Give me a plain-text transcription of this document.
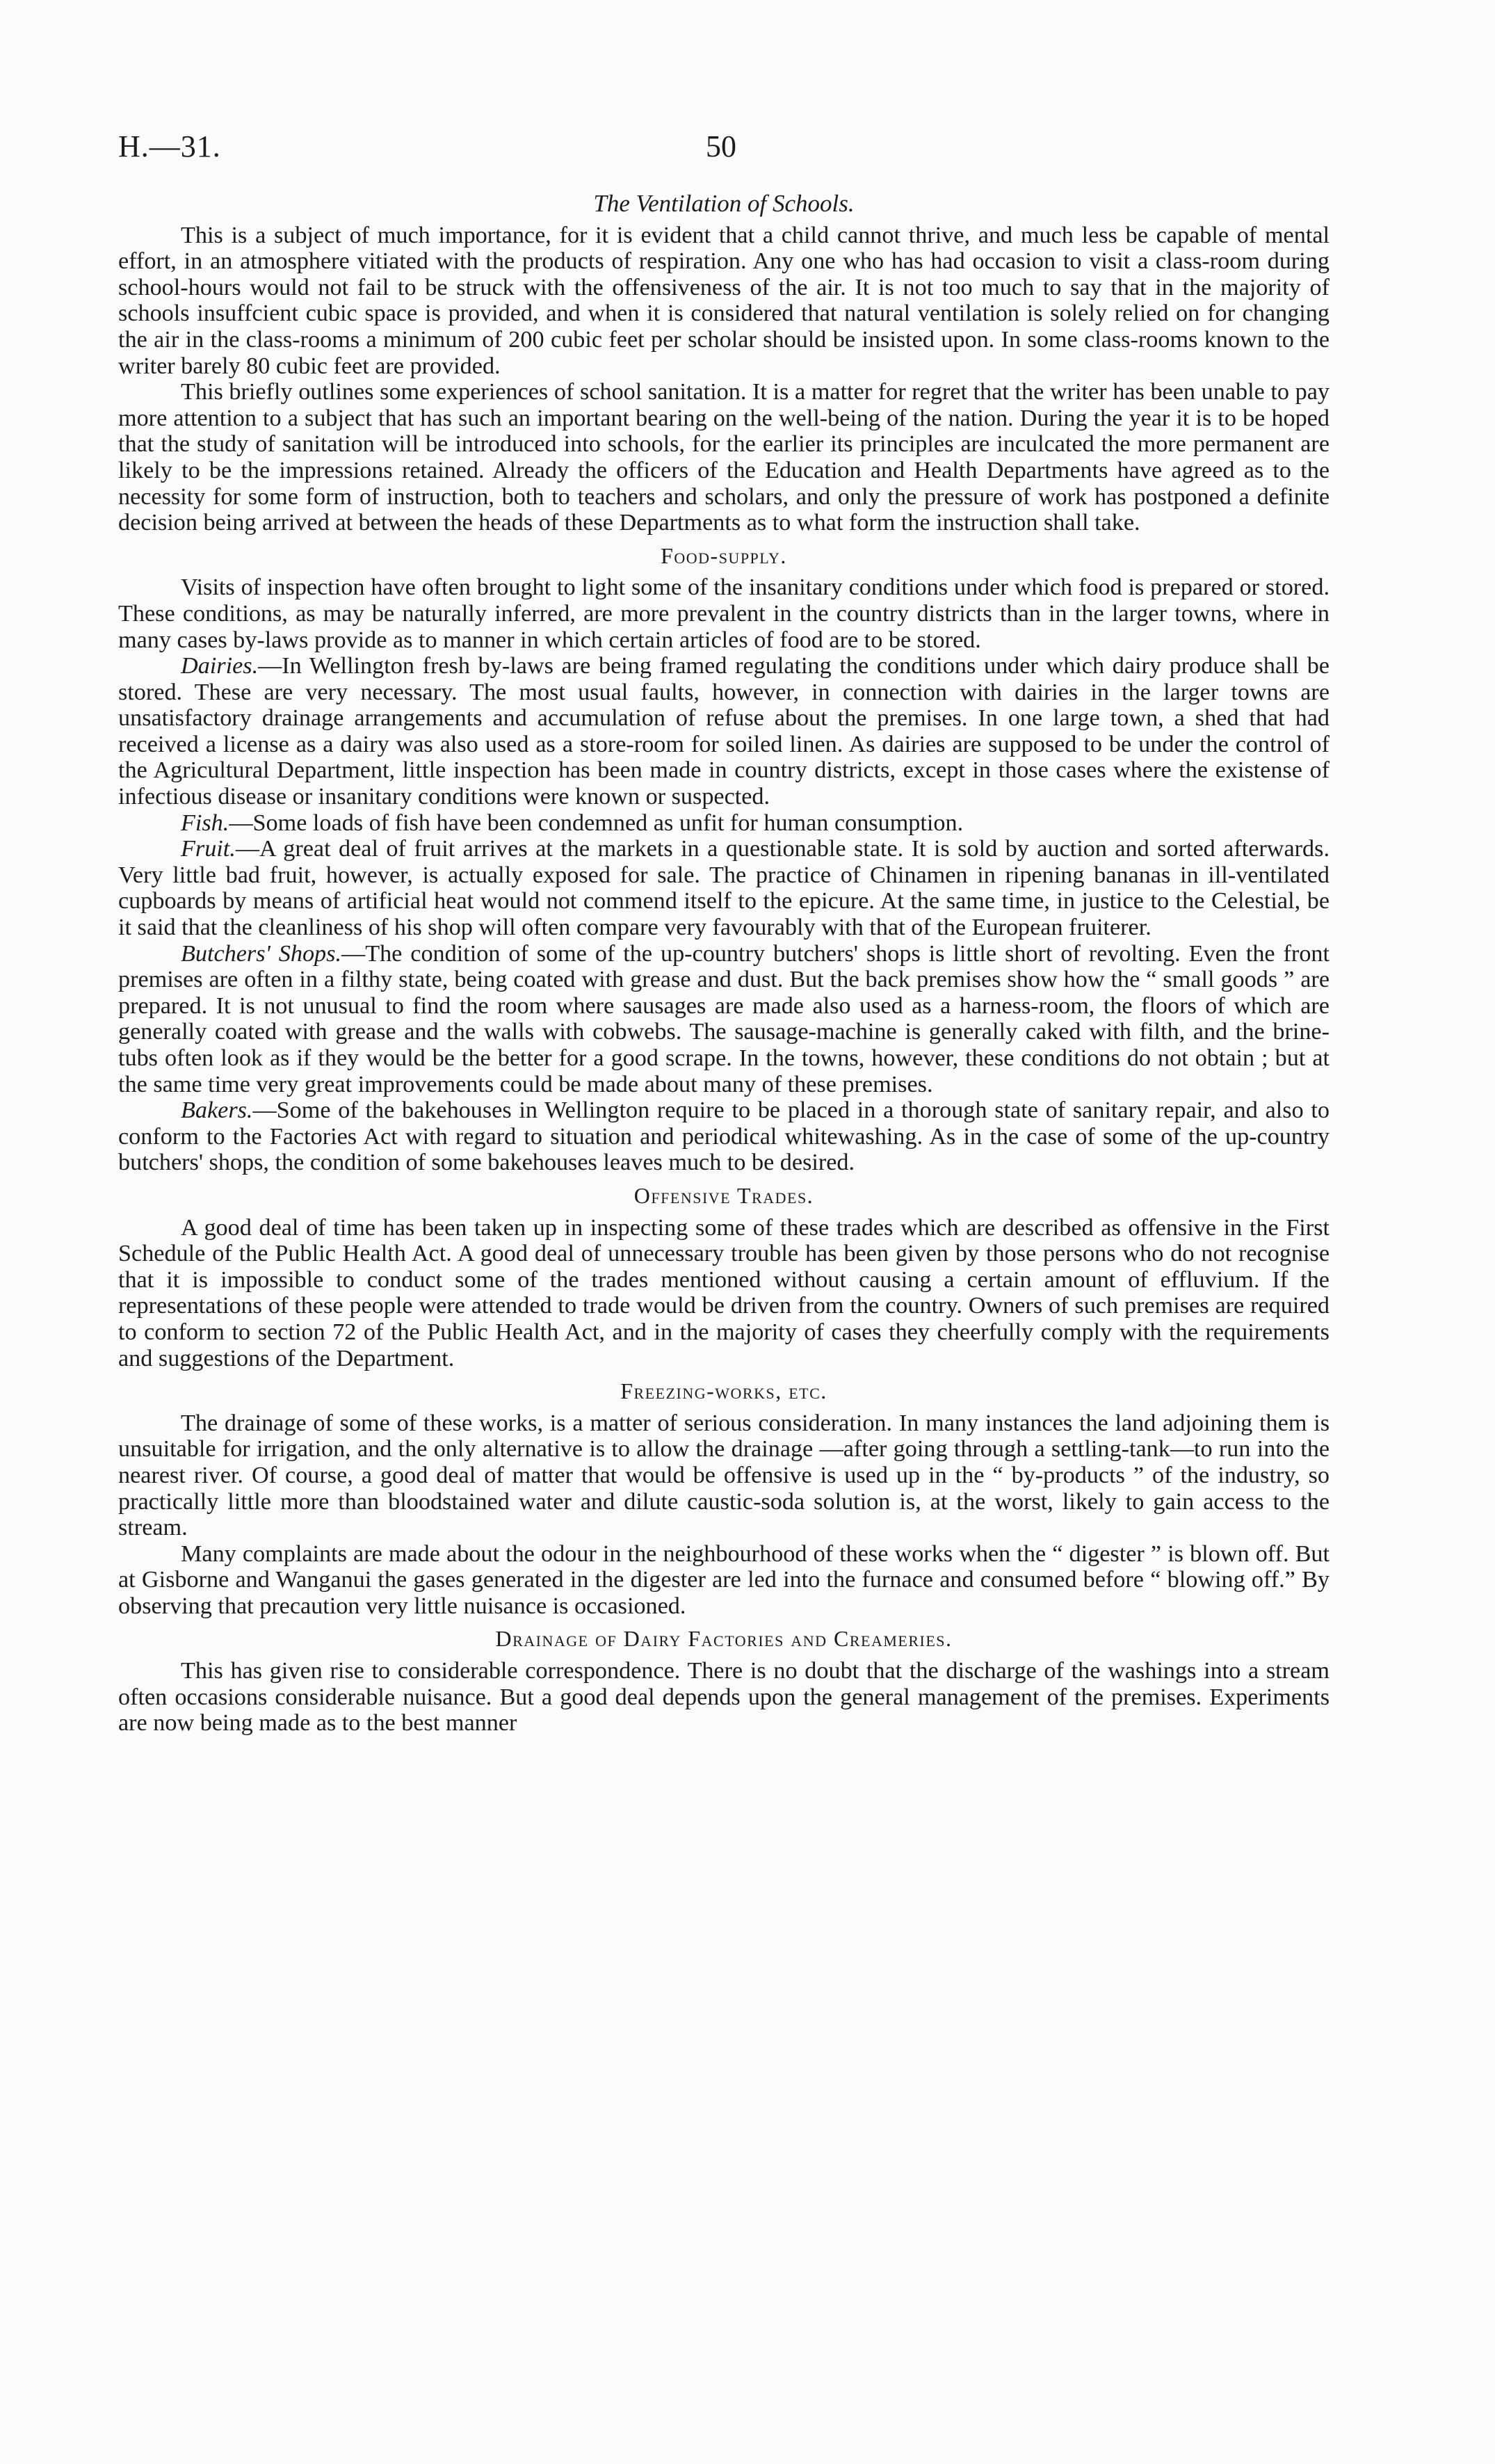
H.—31.	50
The Ventilation of Schools.

This is a subject of much importance, for it is evident that a child cannot thrive, and much less be capable of mental effort, in an atmosphere vitiated with the products of respiration. Any one who has had occasion to visit a class-room during school-hours would not fail to be struck with the offensiveness of the air. It is not too much to say that in the majority of schools insuffcient cubic space is provided, and when it is considered that natural ventilation is solely relied on for changing the air in the class-rooms a minimum of 200 cubic feet per scholar should be insisted upon. In some class-rooms known to the writer barely 80 cubic feet are provided.

This briefly outlines some experiences of school sanitation. It is a matter for regret that the writer has been unable to pay more attention to a subject that has such an important bearing on the well-being of the nation. During the year it is to be hoped that the study of sanitation will be introduced into schools, for the earlier its principles are inculcated the more permanent are likely to be the impressions retained. Already the officers of the Education and Health Departments have agreed as to the necessity for some form of instruction, both to teachers and scholars, and only the pressure of work has postponed a definite decision being arrived at between the heads of these Departments as to what form the instruction shall take.

Food-supply.

Visits of inspection have often brought to light some of the insanitary conditions under which food is prepared or stored. These conditions, as may be naturally inferred, are more prevalent in the country districts than in the larger towns, where in many cases by-laws provide as to manner in which certain articles of food are to be stored.

Dairies.—In Wellington fresh by-laws are being framed regulating the conditions under which dairy produce shall be stored. These are very necessary. The most usual faults, however, in connection with dairies in the larger towns are unsatisfactory drainage arrangements and accumulation of refuse about the premises. In one large town, a shed that had received a license as a dairy was also used as a store-room for soiled linen. As dairies are supposed to be under the control of the Agricultural Department, little inspection has been made in country districts, except in those cases where the existense of infectious disease or insanitary conditions were known or suspected.

Fish.—Some loads of fish have been condemned as unfit for human consumption.

Fruit.—A great deal of fruit arrives at the markets in a questionable state. It is sold by auction and sorted afterwards. Very little bad fruit, however, is actually exposed for sale. The practice of Chinamen in ripening bananas in ill-ventilated cupboards by means of artificial heat would not commend itself to the epicure. At the same time, in justice to the Celestial, be it said that the cleanliness of his shop will often compare very favourably with that of the European fruiterer.

Butchers' Shops.—The condition of some of the up-country butchers' shops is little short of revolting. Even the front premises are often in a filthy state, being coated with grease and dust. But the back premises show how the “ small goods ” are prepared. It is not unusual to find the room where sausages are made also used as a harness-room, the floors of which are generally coated with grease and the walls with cobwebs. The sausage-machine is generally caked with filth, and the brine-tubs often look as if they would be the better for a good scrape. In the towns, however, these conditions do not obtain ; but at the same time very great improvements could be made about many of these premises.

Bakers.—Some of the bakehouses in Wellington require to be placed in a thorough state of sanitary repair, and also to conform to the Factories Act with regard to situation and periodical whitewashing. As in the case of some of the up-country butchers' shops, the condition of some bakehouses leaves much to be desired.

Offensive Trades.

A good deal of time has been taken up in inspecting some of these trades which are described as offensive in the First Schedule of the Public Health Act. A good deal of unnecessary trouble has been given by those persons who do not recognise that it is impossible to conduct some of the trades mentioned without causing a certain amount of effluvium. If the representations of these people were attended to trade would be driven from the country. Owners of such premises are required to conform to section 72 of the Public Health Act, and in the majority of cases they cheerfully comply with the requirements and suggestions of the Department.

Freezing-works, etc.

The drainage of some of these works, is a matter of serious consideration. In many instances the land adjoining them is unsuitable for irrigation, and the only alternative is to allow the drainage —after going through a settling-tank—to run into the nearest river. Of course, a good deal of matter that would be offensive is used up in the “ by-products ” of the industry, so practically little more than bloodstained water and dilute caustic-soda solution is, at the worst, likely to gain access to the stream.

Many complaints are made about the odour in the neighbourhood of these works when the “ digester ” is blown off. But at Gisborne and Wanganui the gases generated in the digester are led into the furnace and consumed before “ blowing off.” By observing that precaution very little nuisance is occasioned.

Drainage of Dairy Factories and Creameries.

This has given rise to considerable correspondence. There is no doubt that the discharge of the washings into a stream often occasions considerable nuisance. But a good deal depends upon the general management of the premises. Experiments are now being made as to the best manner
